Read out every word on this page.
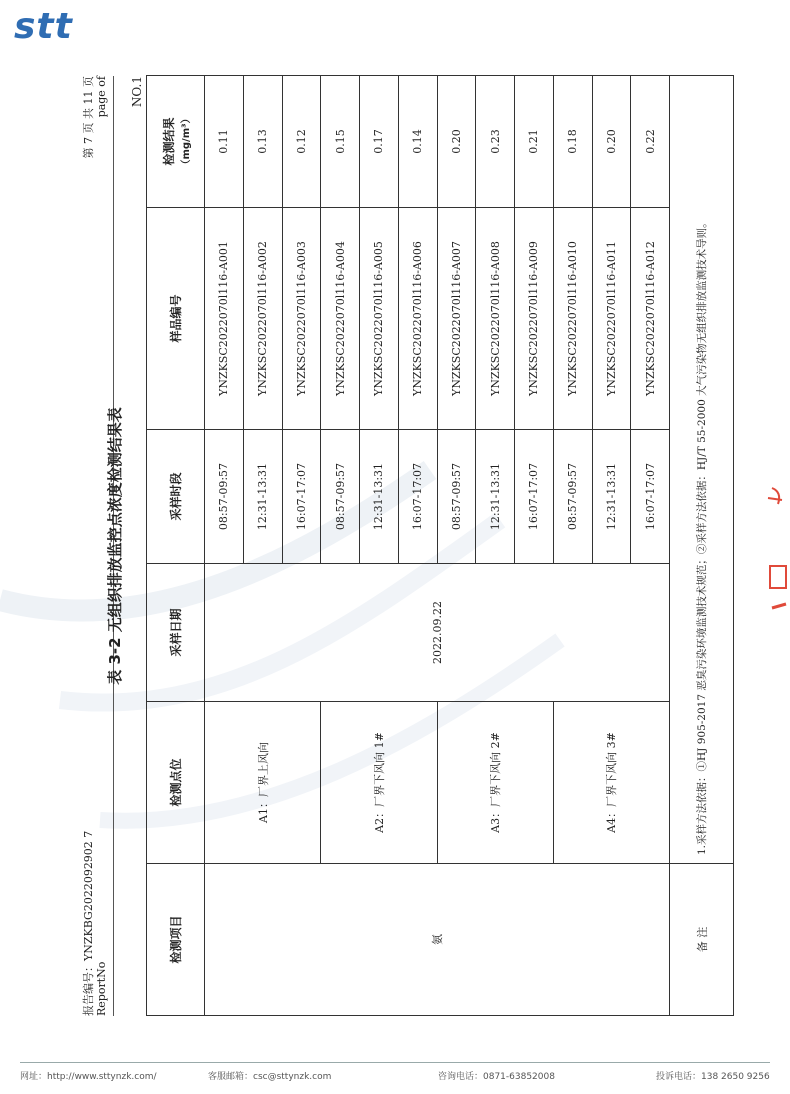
stt
报告编号：YNZKBG2022092902 7
ReportNo
第 7 页 共 11 页 page of
表 3-2 无组织排放监控点浓度检测结果表
NO.1
检测项目	检测点位	采样日期	采样时段	样品编号	检测结果 （mg/m³）
氨	A1：厂界上风向	2022.09.22	08:57-09:57	YNZKSC2022070l116-A001	0.11
			12:31-13:31	YNZKSC2022070l116-A002	0.13
			16:07-17:07	YNZKSC2022070l116-A003	0.12
	A2：厂界下风向 1#		08:57-09:57	YNZKSC2022070l116-A004	0.15
			12:31-13:31	YNZKSC2022070l116-A005	0.17
			16:07-17:07	YNZKSC2022070l116-A006	0.14
	A3：厂界下风向 2#		08:57-09:57	YNZKSC2022070l116-A007	0.20
			12:31-13:31	YNZKSC2022070l116-A008	0.23
			16:07-17:07	YNZKSC2022070l116-A009	0.21
	A4：厂界下风向 3#		08:57-09:57	YNZKSC2022070l116-A010	0.18
			12:31-13:31	YNZKSC2022070l116-A011	0.20
			16:07-17:07	YNZKSC2022070l116-A012	0.22
备 注	1.采样方法依据：①HJ 905-2017 恶臭污染环境监测技术规范；②采样方法依据：HJ/T 55-2000 大气污染物无组织排放监测技术导则。				
网址：http://www.sttynzk.com/	客服邮箱：csc@sttynzk.com	咨询电话：0871-63852008	投诉电话：138 2650 9256
